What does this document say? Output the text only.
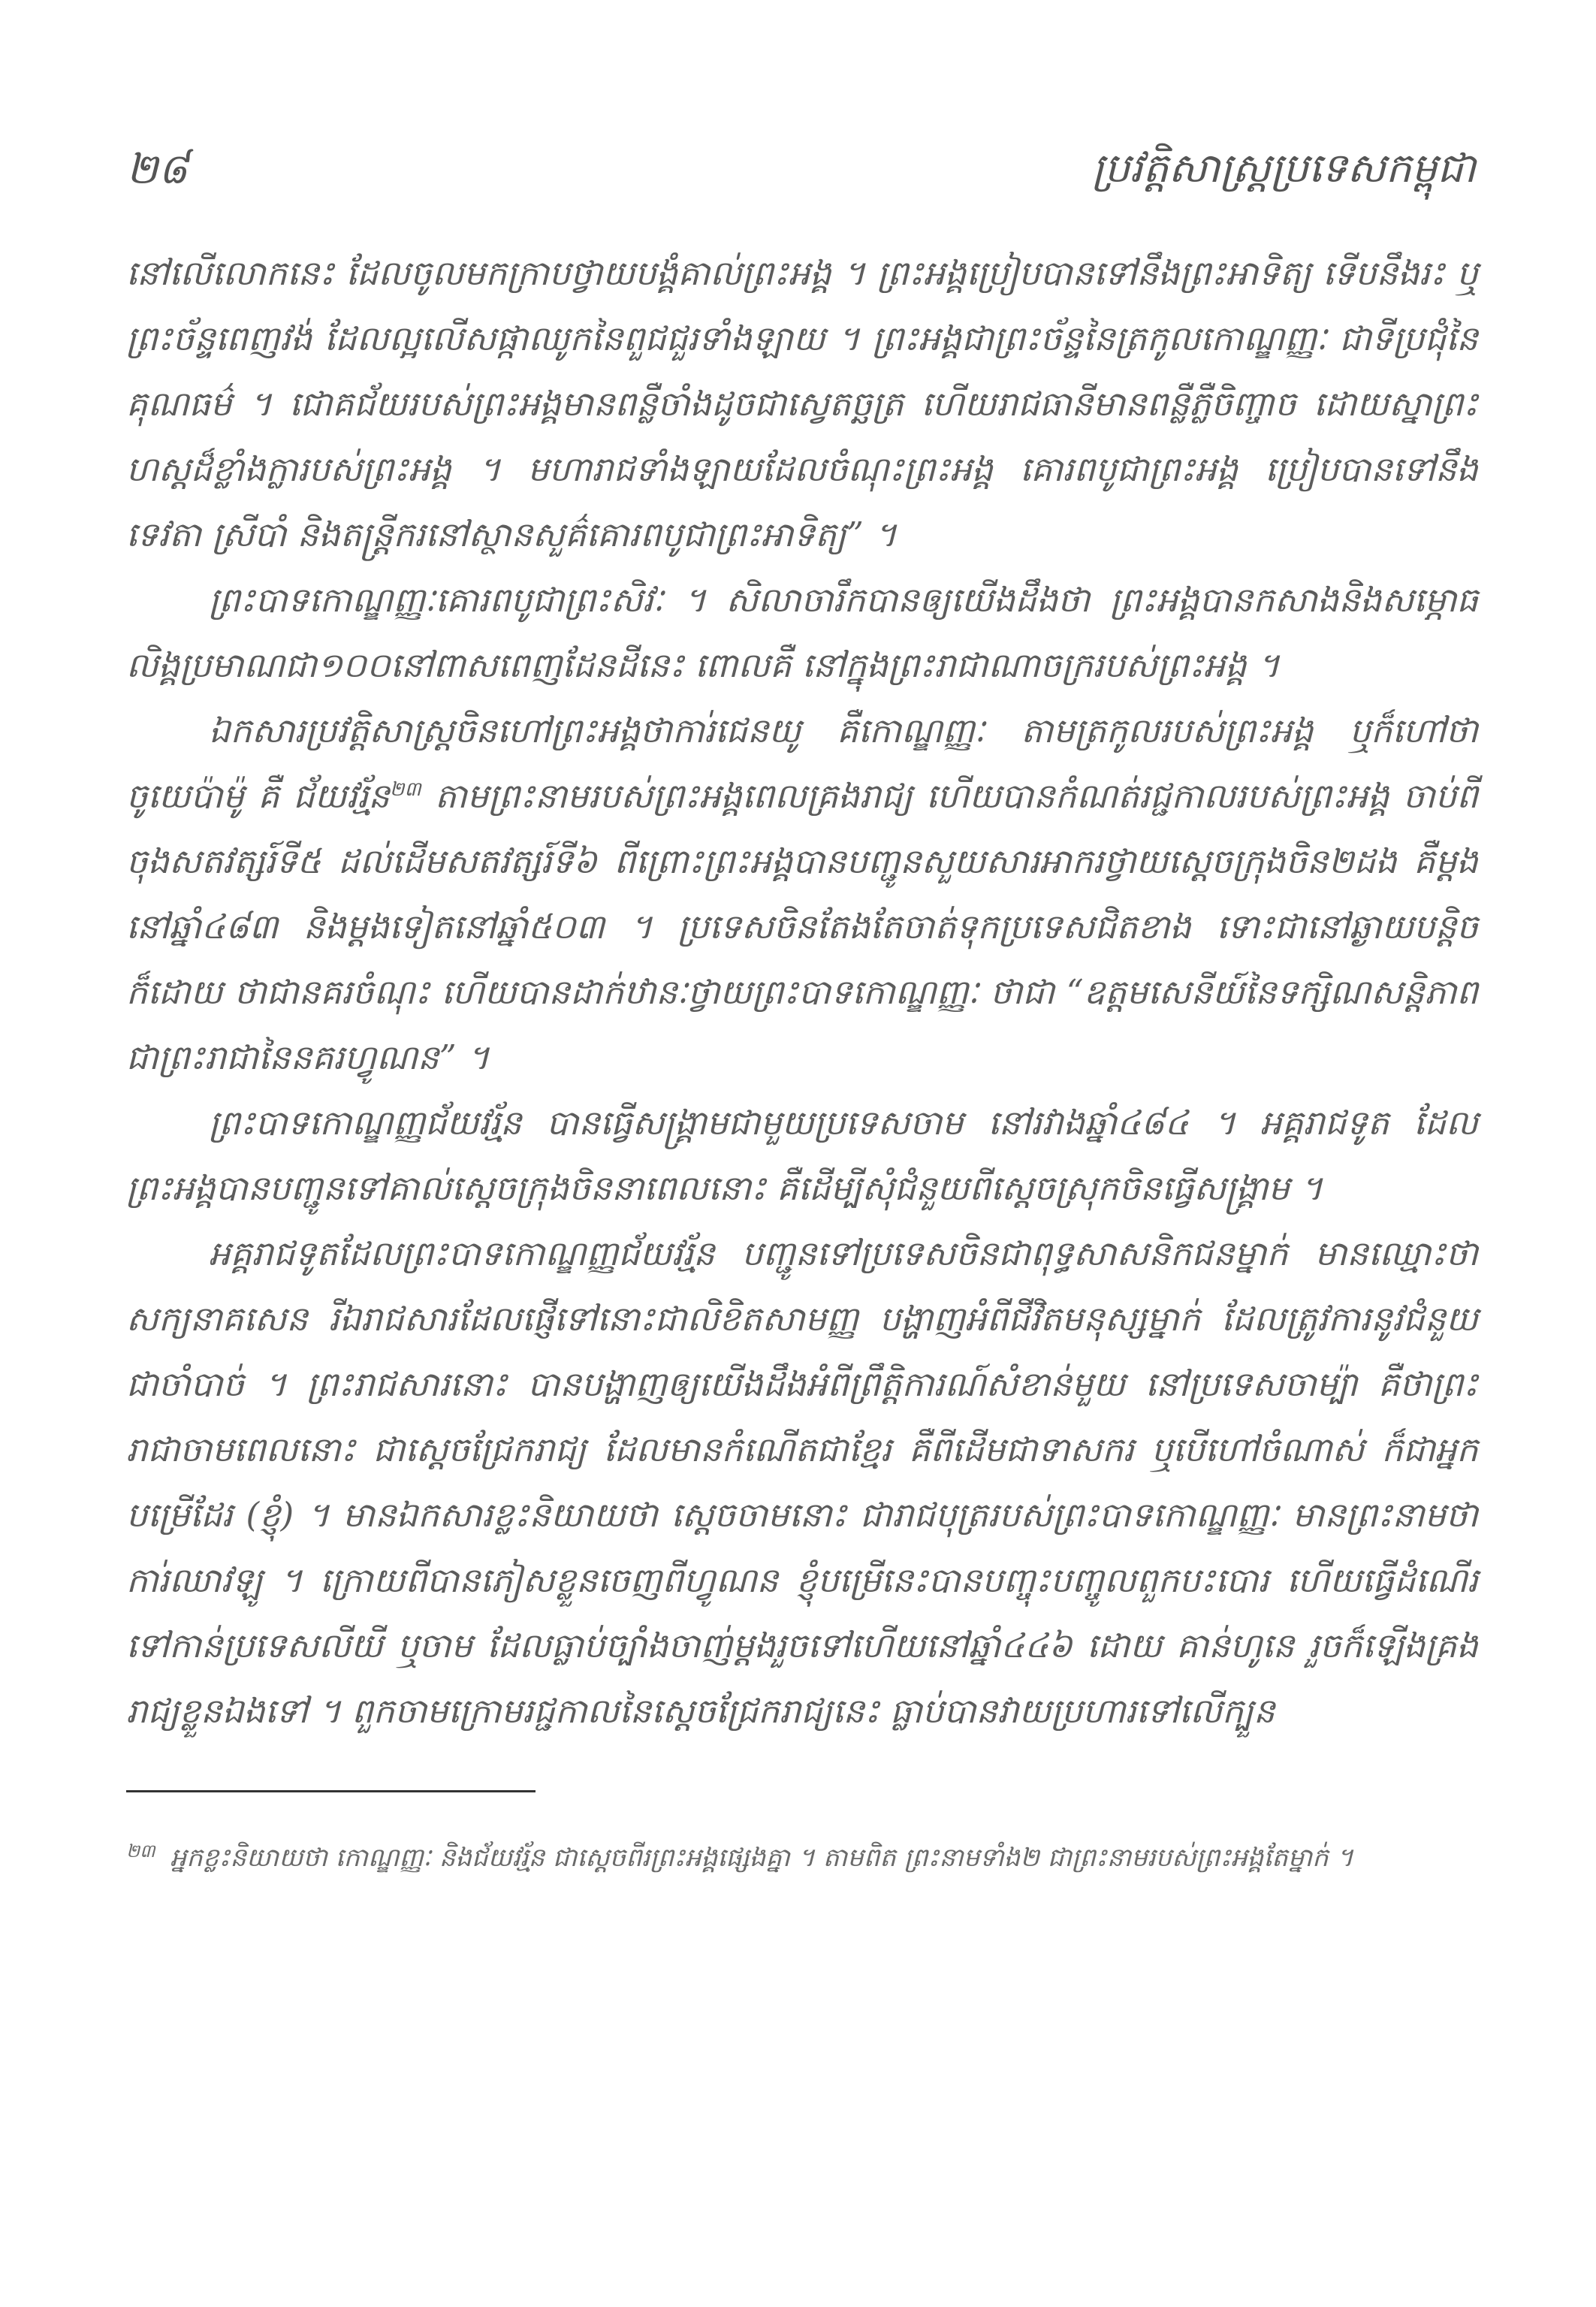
២៨	ប្រវត្តិសាស្ត្រប្រទេសកម្ពុជា

នៅលើលោកនេះ ដែលចូលមកក្រាបថ្វាយបង្គំគាល់ព្រះអង្គ ។ ព្រះអង្គប្រៀបបានទៅនឹងព្រះអាទិត្យ ទើបនឹងរះ ឬព្រះច័ន្ទពេញវង់ ដែលល្អលើសផ្កាឈូកនៃពួជជួរទាំងឡាយ ។ ព្រះអង្គជាព្រះច័ន្ទនៃត្រកូលកោណ្ឌញ្ញៈ ជាទីប្រជុំនៃគុណធម៌ ។ ជោគជ័យរបស់ព្រះអង្គមានពន្លឺចាំងដូចជាស្វេតច្ឆត្រ ហើយរាជធានីមានពន្លឺភ្លឺចិញ្ចាច ដោយស្នាព្រះហស្តដ៏ខ្លាំងក្លារបស់ព្រះអង្គ ។ មហារាជទាំងឡាយដែលចំណុះព្រះអង្គ គោរពបូជាព្រះអង្គ ប្រៀបបានទៅនឹងទេវតា ស្រីបាំ និងតន្ត្រីករនៅស្ថានសួគ៌គោរពបូជាព្រះអាទិត្យ” ។

ព្រះបាទកោណ្ឌញ្ញៈគោរពបូជាព្រះសិវៈ ។ សិលាចារឹកបានឲ្យយើងដឹងថា ព្រះអង្គបានកសាងនិងសម្ភោធលិង្គប្រមាណជា១០០នៅពាសពេញដែនដីនេះ ពោលគឺ នៅក្នុងព្រះរាជាណាចក្ររបស់ព្រះអង្គ ។

ឯកសារប្រវត្តិសាស្ត្រចិនហៅព្រះអង្គថាការ់ជេនយូ គឺកោណ្ឌញ្ញៈ តាមត្រកូលរបស់ព្រះអង្គ ឬក៏ហៅថា ចូយេប៉ាម៉ូ គឺ ជ័យវរ្ម័ន$^{២៣}$ តាមព្រះនាមរបស់ព្រះអង្គពេលគ្រងរាជ្យ ហើយបានកំណត់រជ្ជកាលរបស់ព្រះអង្គ ចាប់ពីចុងសតវត្សរ៍ទី៥ ដល់ដើមសតវត្សរ៍ទី៦ ពីព្រោះព្រះអង្គបានបញ្ជូនសួយសារអាករថ្វាយស្តេចក្រុងចិន២ដង គឺម្តងនៅឆ្នាំ៤៨៣ និងម្តងទៀតនៅឆ្នាំ៥០៣ ។ ប្រទេសចិនតែងតែចាត់ទុកប្រទេសជិតខាង ទោះជានៅឆ្ងាយបន្តិចក៏ដោយ ថាជានគរចំណុះ ហើយបានដាក់ឋានៈថ្វាយព្រះបាទកោណ្ឌញ្ញៈ ថាជា “ឧត្តមសេនីយ៍នៃទក្សិណសន្តិភាព ជាព្រះរាជានៃនគរហ្វូណន” ។

ព្រះបាទកោណ្ឌញ្ញជ័យវរ្ម័ន បានធ្វើសង្គ្រាមជាមួយប្រទេសចាម នៅរវាងឆ្នាំ៤៨៤ ។ អគ្គរាជទូត ដែលព្រះអង្គបានបញ្ជូនទៅគាល់ស្តេចក្រុងចិននាពេលនោះ គឺដើម្បីសុំជំនួយពីស្តេចស្រុកចិនធ្វើសង្គ្រាម ។

អគ្គរាជទូតដែលព្រះបាទកោណ្ឌញ្ញជ័យវរ្ម័ន បញ្ជូនទៅប្រទេសចិនជាពុទ្ធសាសនិកជនម្នាក់ មានឈ្មោះថា សក្យនាគសេន រីឯរាជសារដែលផ្ញើទៅនោះជាលិខិតសាមញ្ញ បង្ហាញអំពីជីវិតមនុស្សម្នាក់ ដែលត្រូវការនូវជំនួយជាចាំបាច់ ។ ព្រះរាជសារនោះ បានបង្ហាញឲ្យយើងដឹងអំពីព្រឹត្តិការណ៍សំខាន់មួយ នៅប្រទេសចាម្ប៉ា គឺថាព្រះរាជាចាមពេលនោះ ជាស្តេចជ្រែករាជ្យ ដែលមានកំណើតជាខ្មែរ គឺពីដើមជាទាសករ ឬបើហៅចំណាស់ ក៏ជាអ្នកបម្រើដែរ (ខ្ញុំ) ។ មានឯកសារខ្លះនិយាយថា ស្តេចចាមនោះ ជារាជបុត្ររបស់ព្រះបាទកោណ្ឌញ្ញៈ មានព្រះនាមថា ការ់ឈាវឡូ ។ ក្រោយពីបានភៀសខ្លួនចេញពីហ្វូណន ខ្ញុំបម្រើនេះបានបញ្ចុះបញ្ចូលពួកបះបោរ ហើយធ្វើដំណើរទៅកាន់ប្រទេសលីយី ឬចាម ដែលធ្លាប់ច្បាំងចាញ់ម្តងរួចទៅហើយនៅឆ្នាំ៤៤៦ ដោយ គាន់ហូនេ រួចក៏ឡើងគ្រងរាជ្យខ្លួនឯងទៅ ។ ពួកចាមក្រោមរជ្ជកាលនៃស្តេចជ្រែករាជ្យនេះ ធ្លាប់បានវាយប្រហារទៅលើក្បួន

$^{២៣}$ អ្នកខ្លះនិយាយថា កោណ្ឌញ្ញៈ និងជ័យវរ្ម័ន ជាស្តេចពីរព្រះអង្គផ្សេងគ្នា ។ តាមពិត ព្រះនាមទាំង២ ជាព្រះនាមរបស់ព្រះអង្គតែម្នាក់ ។
